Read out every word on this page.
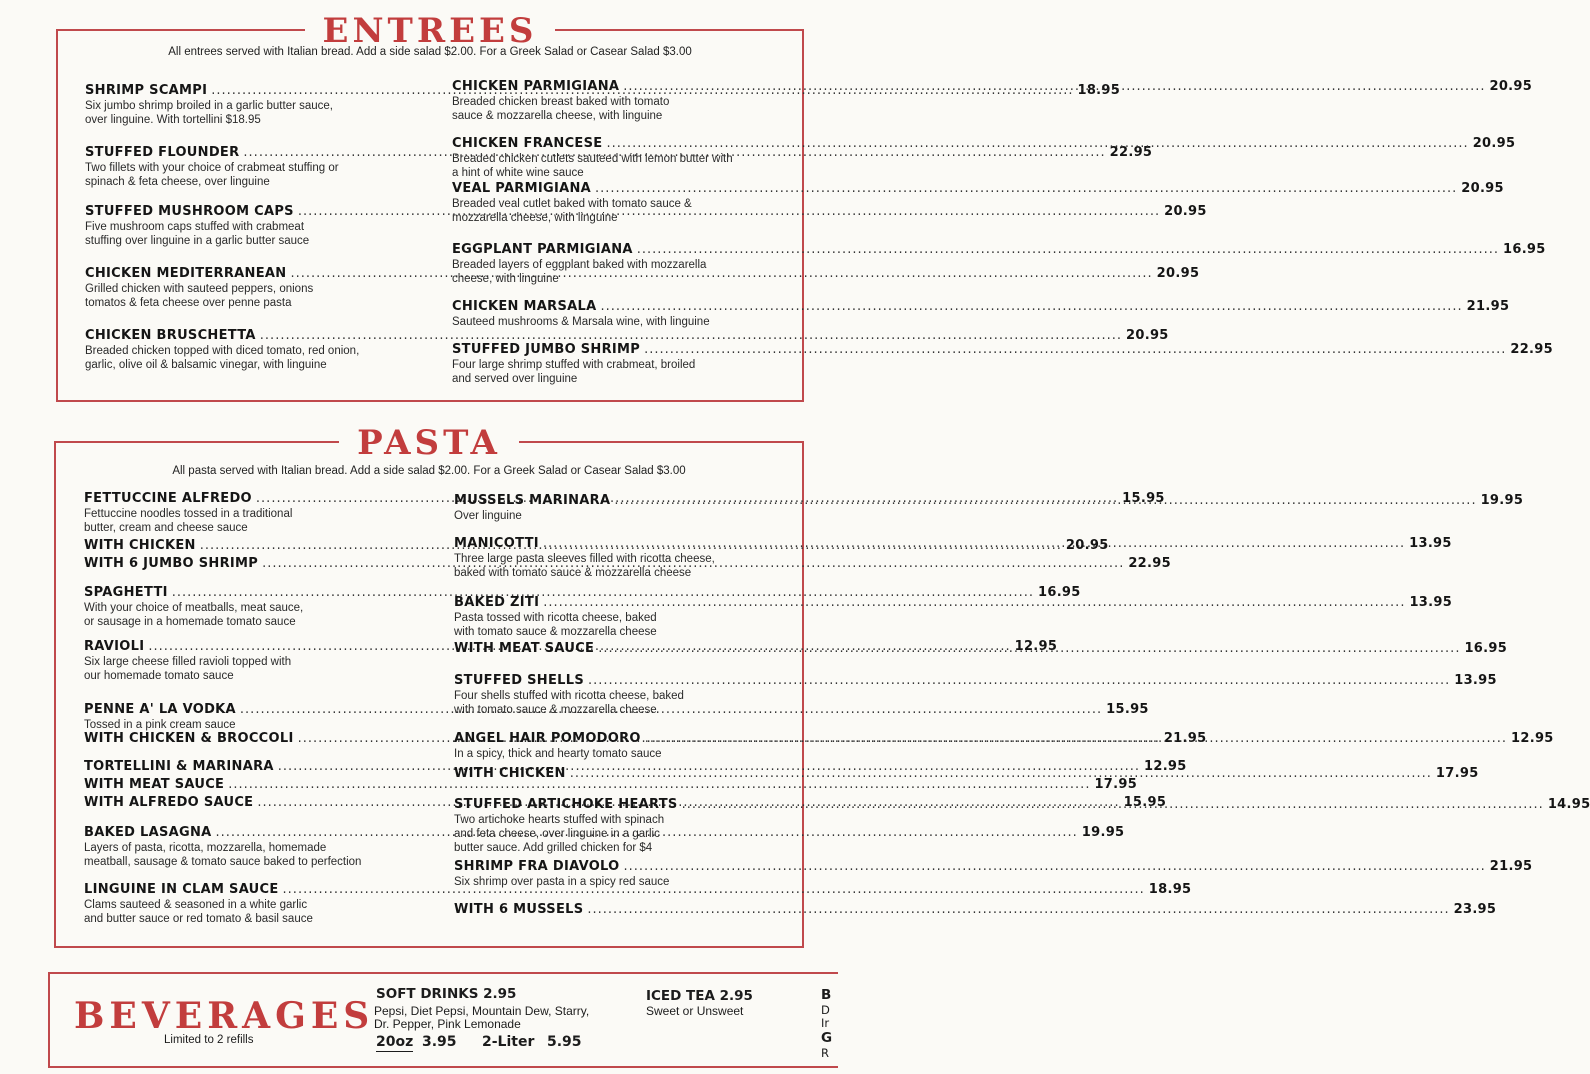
ENTREES
All entrees served with Italian bread. Add a side salad $2.00. For a Greek Salad or Casear Salad $3.00
SHRIMP SCAMPI .....	18.95
Six jumbo shrimp broiled in a garlic butter sauce,
over linguine. With tortellini $18.95
STUFFED FLOUNDER .....	22.95
Two fillets with your choice of crabmeat stuffing or
spinach & feta cheese, over linguine
STUFFED MUSHROOM CAPS .....	20.95
Five mushroom caps stuffed with crabmeat
stuffing over linguine in a garlic butter sauce
CHICKEN MEDITERRANEAN .....	20.95
Grilled chicken with sauteed peppers, onions
tomatos & feta cheese over penne pasta
CHICKEN BRUSCHETTA .....	20.95
Breaded chicken topped with diced tomato, red onion,
garlic, olive oil & balsamic vinegar, with linguine
CHICKEN PARMIGIANA .....	20.95
Breaded chicken breast baked with tomato
sauce & mozzarella cheese, with linguine
CHICKEN FRANCESE .....	20.95
Breaded chicken cutlets sauteed with lemon butter with
a hint of white wine sauce
VEAL PARMIGIANA .....	20.95
Breaded veal cutlet baked with tomato sauce &
mozzarella cheese, with linguine
EGGPLANT PARMIGIANA .....	16.95
Breaded layers of eggplant baked with mozzarella
cheese, with linguine
CHICKEN MARSALA .....	21.95
Sauteed mushrooms & Marsala wine, with linguine
STUFFED JUMBO SHRIMP .....	22.95
Four large shrimp stuffed with crabmeat, broiled
and served over linguine
PASTA
All pasta served with Italian bread. Add a side salad $2.00. For a Greek Salad or Casear Salad $3.00
FETTUCCINE ALFREDO .....	15.95
Fettuccine noodles tossed in a traditional
butter, cream and cheese sauce
WITH CHICKEN .....	20.95
WITH 6 JUMBO SHRIMP .....	22.95
SPAGHETTI .....	16.95
With your choice of meatballs, meat sauce,
or sausage in a homemade tomato sauce
RAVIOLI .....	12.95
Six large cheese filled ravioli topped with
our homemade tomato sauce
PENNE A' LA VODKA .....	15.95
Tossed in a pink cream sauce
WITH CHICKEN & BROCCOLI .....	21.95
TORTELLINI & MARINARA .....	12.95
WITH MEAT SAUCE .....	17.95
WITH ALFREDO SAUCE .....	15.95
BAKED LASAGNA .....	19.95
Layers of pasta, ricotta, mozzarella, homemade
meatball, sausage & tomato sauce baked to perfection
LINGUINE IN CLAM SAUCE .....	18.95
Clams sauteed & seasoned in a white garlic
and butter sauce or red tomato & basil sauce
MUSSELS MARINARA .....	19.95
Over linguine
MANICOTTI .....	13.95
Three large pasta sleeves filled with ricotta cheese,
baked with tomato sauce & mozzarella cheese
BAKED ZITI .....	13.95
Pasta tossed with ricotta cheese, baked
with tomato sauce & mozzarella cheese
WITH MEAT SAUCE .....	16.95
STUFFED SHELLS .....	13.95
Four shells stuffed with ricotta cheese, baked
with tomato sauce & mozzarella cheese
ANGEL HAIR POMODORO .....	12.95
In a spicy, thick and hearty tomato sauce
WITH CHICKEN .....	17.95
STUFFED ARTICHOKE HEARTS .....	14.95
Two artichoke hearts stuffed with spinach
and feta cheese, over linguine in a garlic
butter sauce. Add grilled chicken for $4
SHRIMP FRA DIAVOLO .....	21.95
Six shrimp over pasta in a spicy red sauce
WITH 6 MUSSELS .....	23.95
BEVERAGES
Limited to 2 refills
SOFT DRINKS 2.95
Pepsi, Diet Pepsi, Mountain Dew, Starry,
Dr. Pepper, Pink Lemonade
20oz 3.95 2-Liter 5.95
ICED TEA 2.95
Sweet or Unsweet
B
D
Ir
G
R
